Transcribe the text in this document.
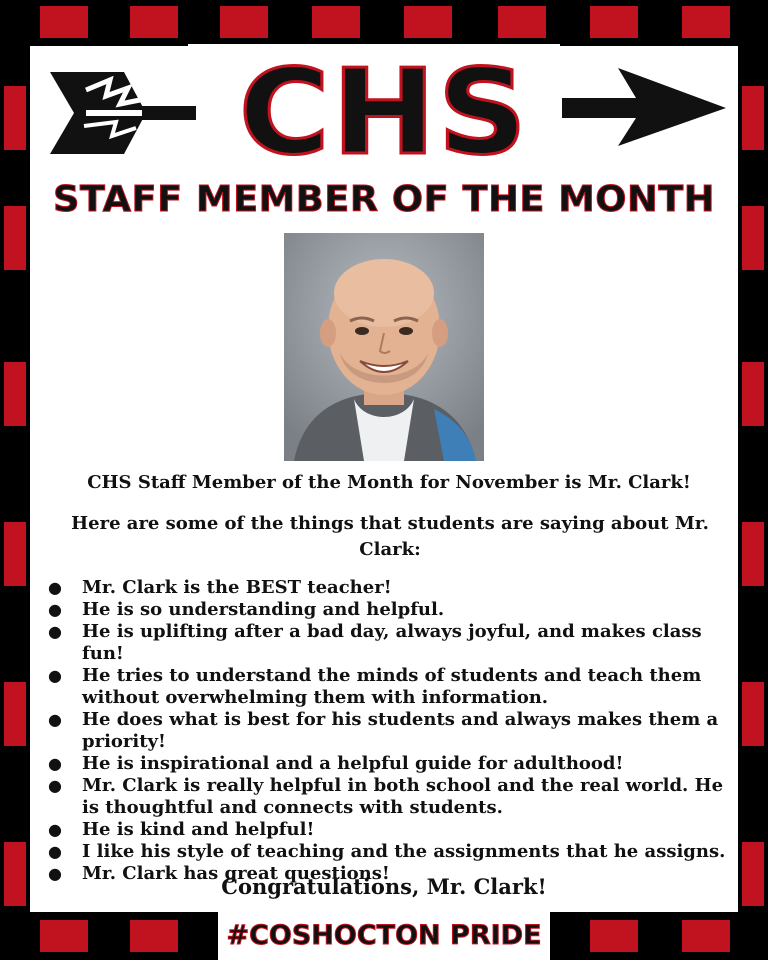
CHS
STAFF MEMBER OF THE MONTH

CHS Staff Member of the Month for November is Mr. Clark!

Here are some of the things that students are saying about Mr. Clark:

● Mr. Clark is the BEST teacher!
● He is so understanding and helpful.
● He is uplifting after a bad day, always joyful, and makes class fun!
● He tries to understand the minds of students and teach them without overwhelming them with information.
● He does what is best for his students and always makes them a priority!
● He is inspirational and a helpful guide for adulthood!
● Mr. Clark is really helpful in both school and the real world. He is thoughtful and connects with students.
● He is kind and helpful!
● I like his style of teaching and the assignments that he assigns.
● Mr. Clark has great questions!
Congratulations, Mr. Clark!
#COSHOCTON PRIDE
